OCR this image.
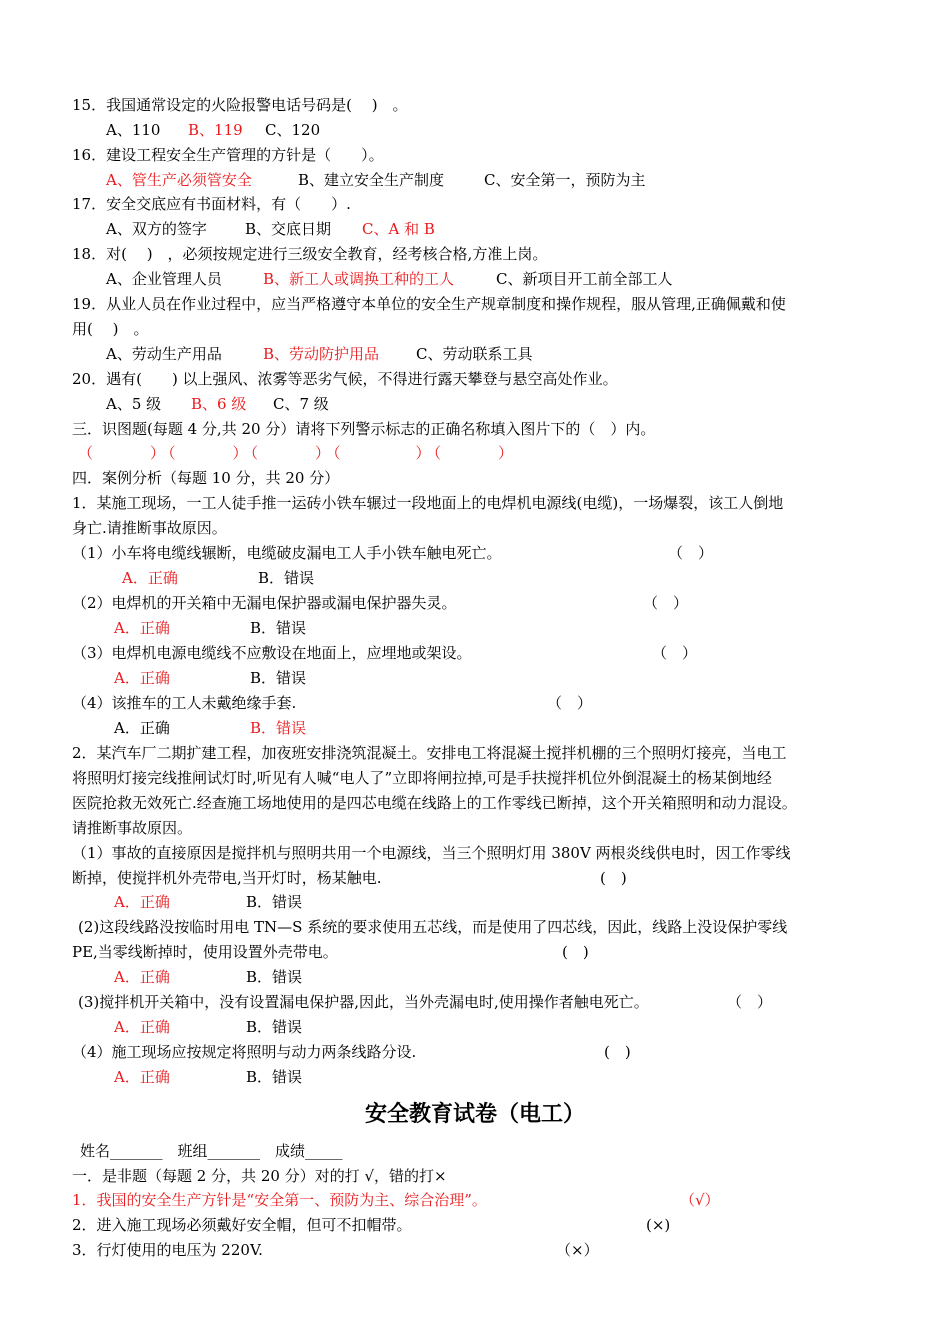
15．我国通常设定的火险报警电话号码是(　 )　。
A、110 B、119 C、120
16．建设工程安全生产管理的方针是（　　）。
A、管生产必须管安全	B、建立安全生产制度	C、安全第一，预防为主
17．安全交底应有书面材料，有（　　）.
A、双方的签字	B、交底日期 C、A 和 B
18．对(　 )　，必须按规定进行三级安全教育，经考核合格,方准上岗。
A、企业管理人员	B、新工人或调换工种的工人	C、新项目开工前全部工人
19．从业人员在作业过程中，应当严格遵守本单位的安全生产规章制度和操作规程，服从管理,正确佩戴和使
用(　 )　。
A、劳动生产用品	B、劳动防护用品 C、劳动联系工具
20．遇有(　　) 以上强风、浓雾等恶劣气候，不得进行露天攀登与悬空高处作业。
A、5 级 B、6 级 C、7 级
三．识图题(每题 4 分,共 20 分）请将下列警示标志的正确名称填入图片下的（　）内。
（　　　）（　　　）（　　　）（　　　　）（　　　）
四．案例分析（每题 10 分，共 20 分）
1．某施工现场，一工人徒手推一运砖小铁车辗过一段地面上的电焊机电源线(电缆)，一场爆裂，该工人倒地
身亡.请推断事故原因。
（1）小车将电缆线辗断，电缆破皮漏电工人手小铁车触电死亡。	（　）
A．正确	B．错误
（2）电焊机的开关箱中无漏电保护器或漏电保护器失灵。	（　）
A．正确	B．错误
（3）电焊机电源电缆线不应敷设在地面上，应埋地或架设。	（　）
A．正确	B．错误
（4）该推车的工人未戴绝缘手套.	（　）
A．正确	B．错误
2．某汽车厂二期扩建工程，加夜班安排浇筑混凝土。安排电工将混凝土搅拌机棚的三个照明灯接亮，当电工
将照明灯接完线推闸试灯时,听见有人喊“电人了”立即将闸拉掉,可是手扶搅拌机位外倒混凝土的杨某倒地经
医院抢救无效死亡.经查施工场地使用的是四芯电缆在线路上的工作零线已断掉，这个开关箱照明和动力混设。
请推断事故原因。
（1）事故的直接原因是搅拌机与照明共用一个电源线，当三个照明灯用 380V 两根炎线供电时，因工作零线
断掉，使搅拌机外壳带电,当开灯时，杨某触电.	(　)
A．正确	B．错误
(2)这段线路没按临时用电 TN—S 系统的要求使用五芯线，而是使用了四芯线，因此，线路上没设保护零线
PE,当零线断掉时，使用设置外壳带电。	(　)
A．正确	B．错误
(3)搅拌机开关箱中，没有设置漏电保护器,因此，当外壳漏电时,使用操作者触电死亡。	（　）
A．正确	B．错误
（4）施工现场应按规定将照明与动力两条线路分设.	(　)
A．正确	B．错误
安全教育试卷（电工）
姓名_______　班组_______　成绩_____
一．是非题（每题 2 分，共 20 分）对的打 √，错的打×
1．我国的安全生产方针是“安全第一、预防为主、综合治理”。	（√）
2．进入施工现场必须戴好安全帽，但可不扣帽带。	(×)
3．行灯使用的电压为 220V.	（×）
